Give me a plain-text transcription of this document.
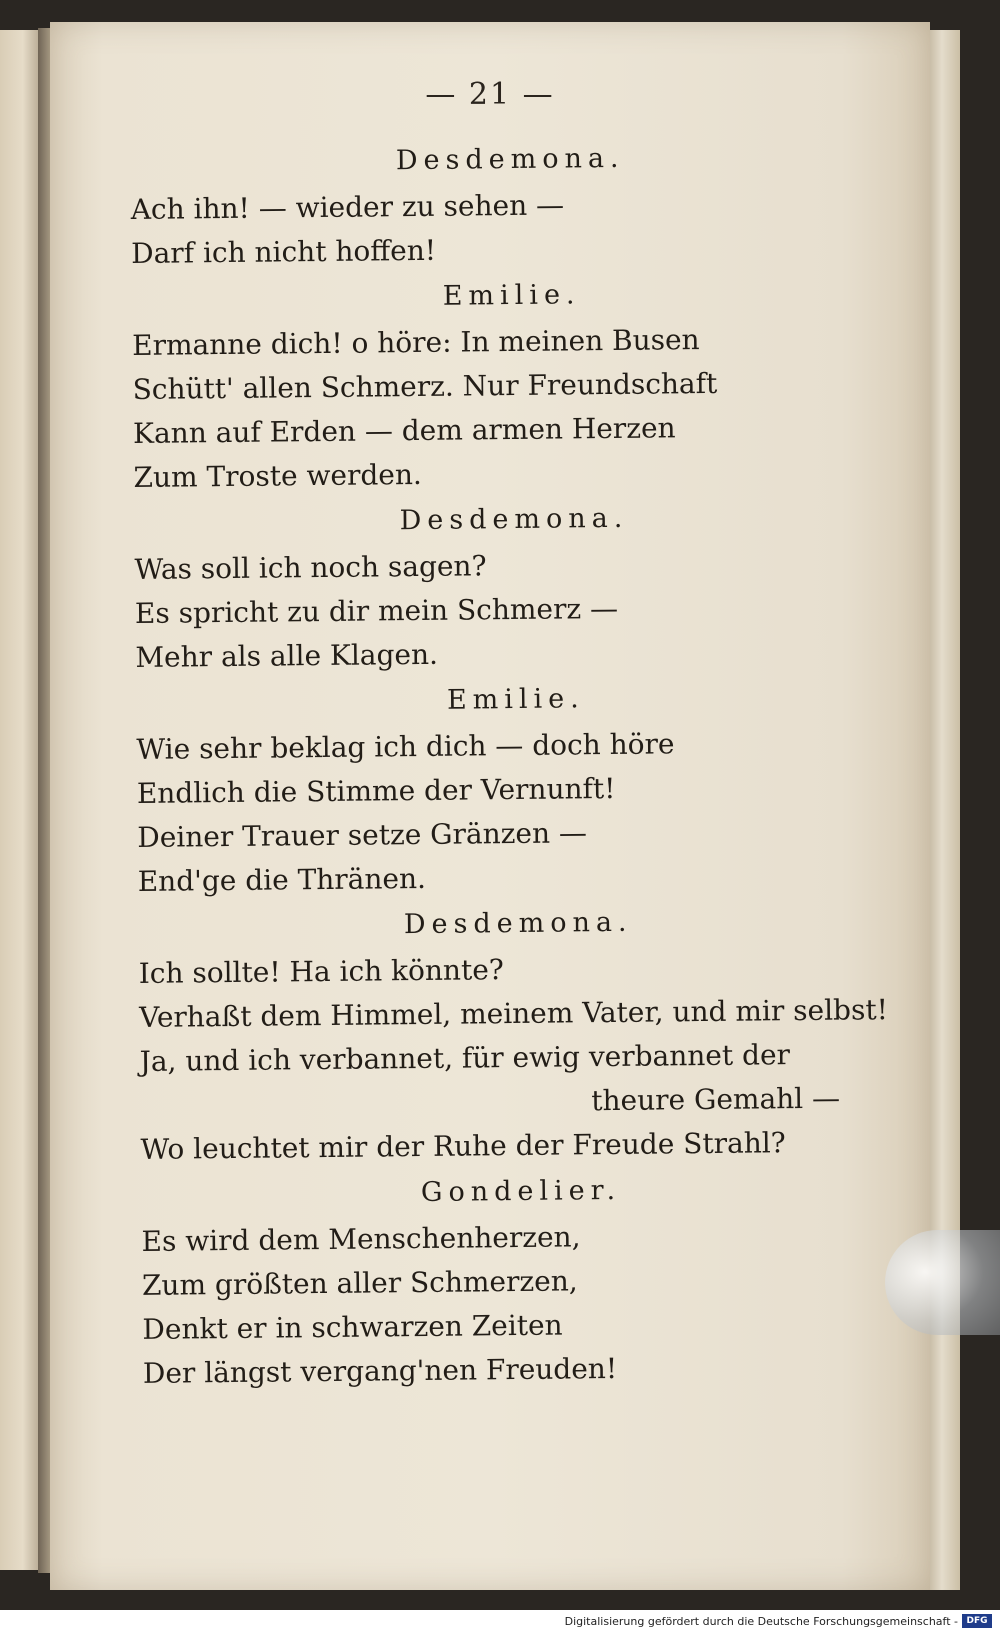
— 21 —
Desdemona.
Ach ihn! — wieder zu sehen —
Darf ich nicht hoffen!
Emilie.
Ermanne dich! o höre: In meinen Busen
Schütt' allen Schmerz. Nur Freundschaft
Kann auf Erden — dem armen Herzen
Zum Troste werden.
Desdemona.
Was soll ich noch sagen?
Es spricht zu dir mein Schmerz —
Mehr als alle Klagen.
Emilie.
Wie sehr beklag ich dich — doch höre
Endlich die Stimme der Vernunft!
Deiner Trauer setze Gränzen —
End'ge die Thränen.
Desdemona.
Ich sollte! Ha ich könnte?
Verhaßt dem Himmel, meinem Vater, und mir selbst!
Ja, und ich verbannet, für ewig verbannet der
theure Gemahl —
Wo leuchtet mir der Ruhe der Freude Strahl?
Gondelier.
Es wird dem Menschenherzen,
Zum größten aller Schmerzen,
Denkt er in schwarzen Zeiten
Der längst vergang'nen Freuden!
Digitalisierung gefördert durch die Deutsche Forschungsgemeinschaft - DFG
